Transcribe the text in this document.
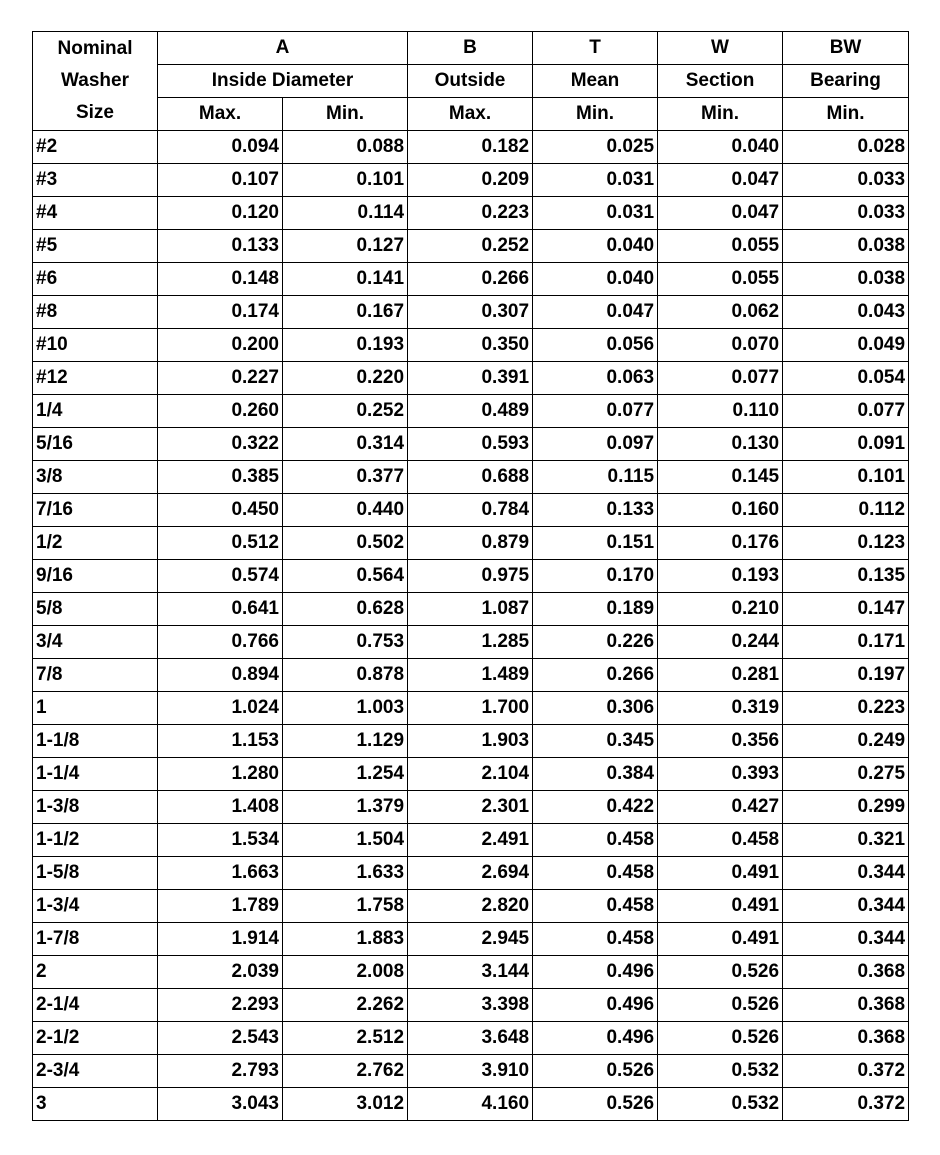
Nominal
Washer
Size	A		B	T	W	BW
	Inside Diameter		Outside	Mean	Section	Bearing
	Max.	Min.	Max.	Min.	Min.	Min.
#2	0.094	0.088	0.182	0.025	0.040	0.028
#3	0.107	0.101	0.209	0.031	0.047	0.033
#4	0.120	0.114	0.223	0.031	0.047	0.033
#5	0.133	0.127	0.252	0.040	0.055	0.038
#6	0.148	0.141	0.266	0.040	0.055	0.038
#8	0.174	0.167	0.307	0.047	0.062	0.043
#10	0.200	0.193	0.350	0.056	0.070	0.049
#12	0.227	0.220	0.391	0.063	0.077	0.054
1/4	0.260	0.252	0.489	0.077	0.110	0.077
5/16	0.322	0.314	0.593	0.097	0.130	0.091
3/8	0.385	0.377	0.688	0.115	0.145	0.101
7/16	0.450	0.440	0.784	0.133	0.160	0.112
1/2	0.512	0.502	0.879	0.151	0.176	0.123
9/16	0.574	0.564	0.975	0.170	0.193	0.135
5/8	0.641	0.628	1.087	0.189	0.210	0.147
3/4	0.766	0.753	1.285	0.226	0.244	0.171
7/8	0.894	0.878	1.489	0.266	0.281	0.197
1	1.024	1.003	1.700	0.306	0.319	0.223
1-1/8	1.153	1.129	1.903	0.345	0.356	0.249
1-1/4	1.280	1.254	2.104	0.384	0.393	0.275
1-3/8	1.408	1.379	2.301	0.422	0.427	0.299
1-1/2	1.534	1.504	2.491	0.458	0.458	0.321
1-5/8	1.663	1.633	2.694	0.458	0.491	0.344
1-3/4	1.789	1.758	2.820	0.458	0.491	0.344
1-7/8	1.914	1.883	2.945	0.458	0.491	0.344
2	2.039	2.008	3.144	0.496	0.526	0.368
2-1/4	2.293	2.262	3.398	0.496	0.526	0.368
2-1/2	2.543	2.512	3.648	0.496	0.526	0.368
2-3/4	2.793	2.762	3.910	0.526	0.532	0.372
3	3.043	3.012	4.160	0.526	0.532	0.372
